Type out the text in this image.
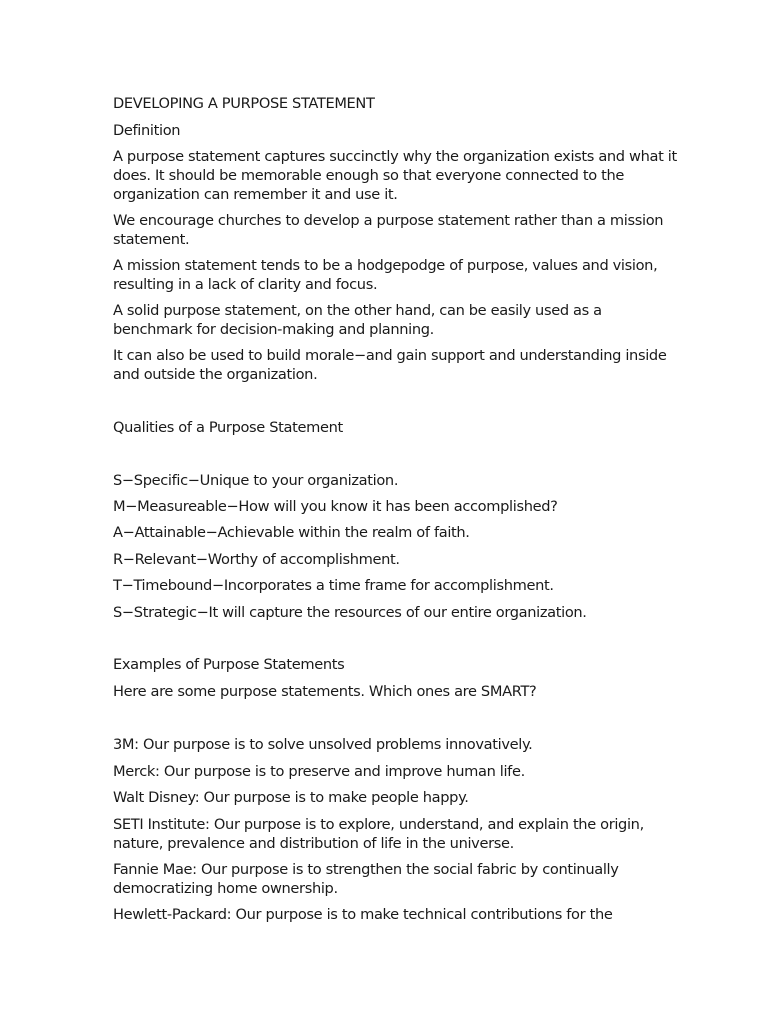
DEVELOPING A PURPOSE STATEMENT

Definition

A purpose statement captures succinctly why the organization exists and what it

does. It should be memorable enough so that everyone connected to the

organization can remember it and use it.

We encourage churches to develop a purpose statement rather than a mission

statement.

A mission statement tends to be a hodgepodge of purpose, values and vision,

resulting in a lack of clarity and focus.

A solid purpose statement, on the other hand, can be easily used as a

benchmark for decision-making and planning.

It can also be used to build morale−and gain support and understanding inside

and outside the organization.

Qualities of a Purpose Statement

S−Specific−Unique to your organization.

M−Measureable−How will you know it has been accomplished?

A−Attainable−Achievable within the realm of faith.

R−Relevant−Worthy of accomplishment.

T−Timebound−Incorporates a time frame for accomplishment.

S−Strategic−It will capture the resources of our entire organization.

Examples of Purpose Statements

Here are some purpose statements. Which ones are SMART?

3M: Our purpose is to solve unsolved problems innovatively.

Merck: Our purpose is to preserve and improve human life.

Walt Disney: Our purpose is to make people happy.

SETI Institute: Our purpose is to explore, understand, and explain the origin,

nature, prevalence and distribution of life in the universe.

Fannie Mae: Our purpose is to strengthen the social fabric by continually

democratizing home ownership.

Hewlett-Packard: Our purpose is to make technical contributions for the
